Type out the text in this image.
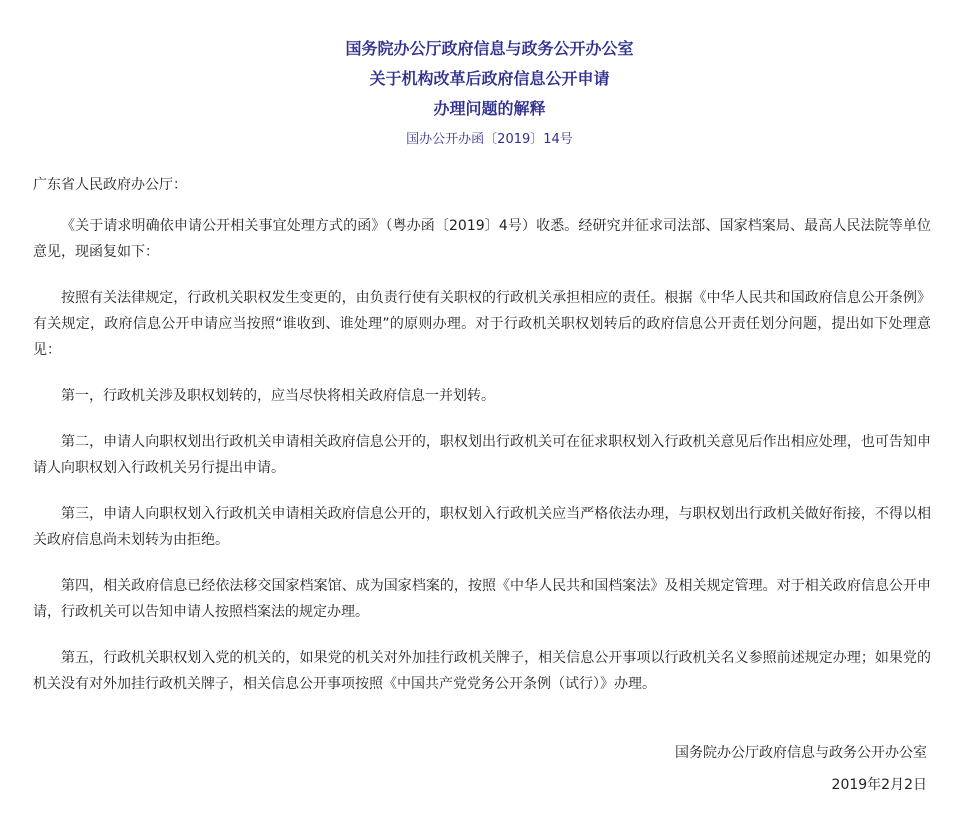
国务院办公厅政府信息与政务公开办公室
关于机构改革后政府信息公开申请
办理问题的解释
国办公开办函〔2019〕14号

广东省人民政府办公厅：

《关于请求明确依申请公开相关事宜处理方式的函》（粤办函〔2019〕4号）收悉。经研究并征求司法部、国家档案局、最高人民法院等单位意见，现函复如下：

按照有关法律规定，行政机关职权发生变更的，由负责行使有关职权的行政机关承担相应的责任。根据《中华人民共和国政府信息公开条例》有关规定，政府信息公开申请应当按照“谁收到、谁处理”的原则办理。对于行政机关职权划转后的政府信息公开责任划分问题，提出如下处理意见：

第一，行政机关涉及职权划转的，应当尽快将相关政府信息一并划转。

第二，申请人向职权划出行政机关申请相关政府信息公开的，职权划出行政机关可在征求职权划入行政机关意见后作出相应处理，也可告知申请人向职权划入行政机关另行提出申请。

第三，申请人向职权划入行政机关申请相关政府信息公开的，职权划入行政机关应当严格依法办理，与职权划出行政机关做好衔接，不得以相关政府信息尚未划转为由拒绝。

第四，相关政府信息已经依法移交国家档案馆、成为国家档案的，按照《中华人民共和国档案法》及相关规定管理。对于相关政府信息公开申请，行政机关可以告知申请人按照档案法的规定办理。

第五，行政机关职权划入党的机关的，如果党的机关对外加挂行政机关牌子，相关信息公开事项以行政机关名义参照前述规定办理；如果党的机关没有对外加挂行政机关牌子，相关信息公开事项按照《中国共产党党务公开条例（试行）》办理。

国务院办公厅政府信息与政务公开办公室
2019年2月2日
